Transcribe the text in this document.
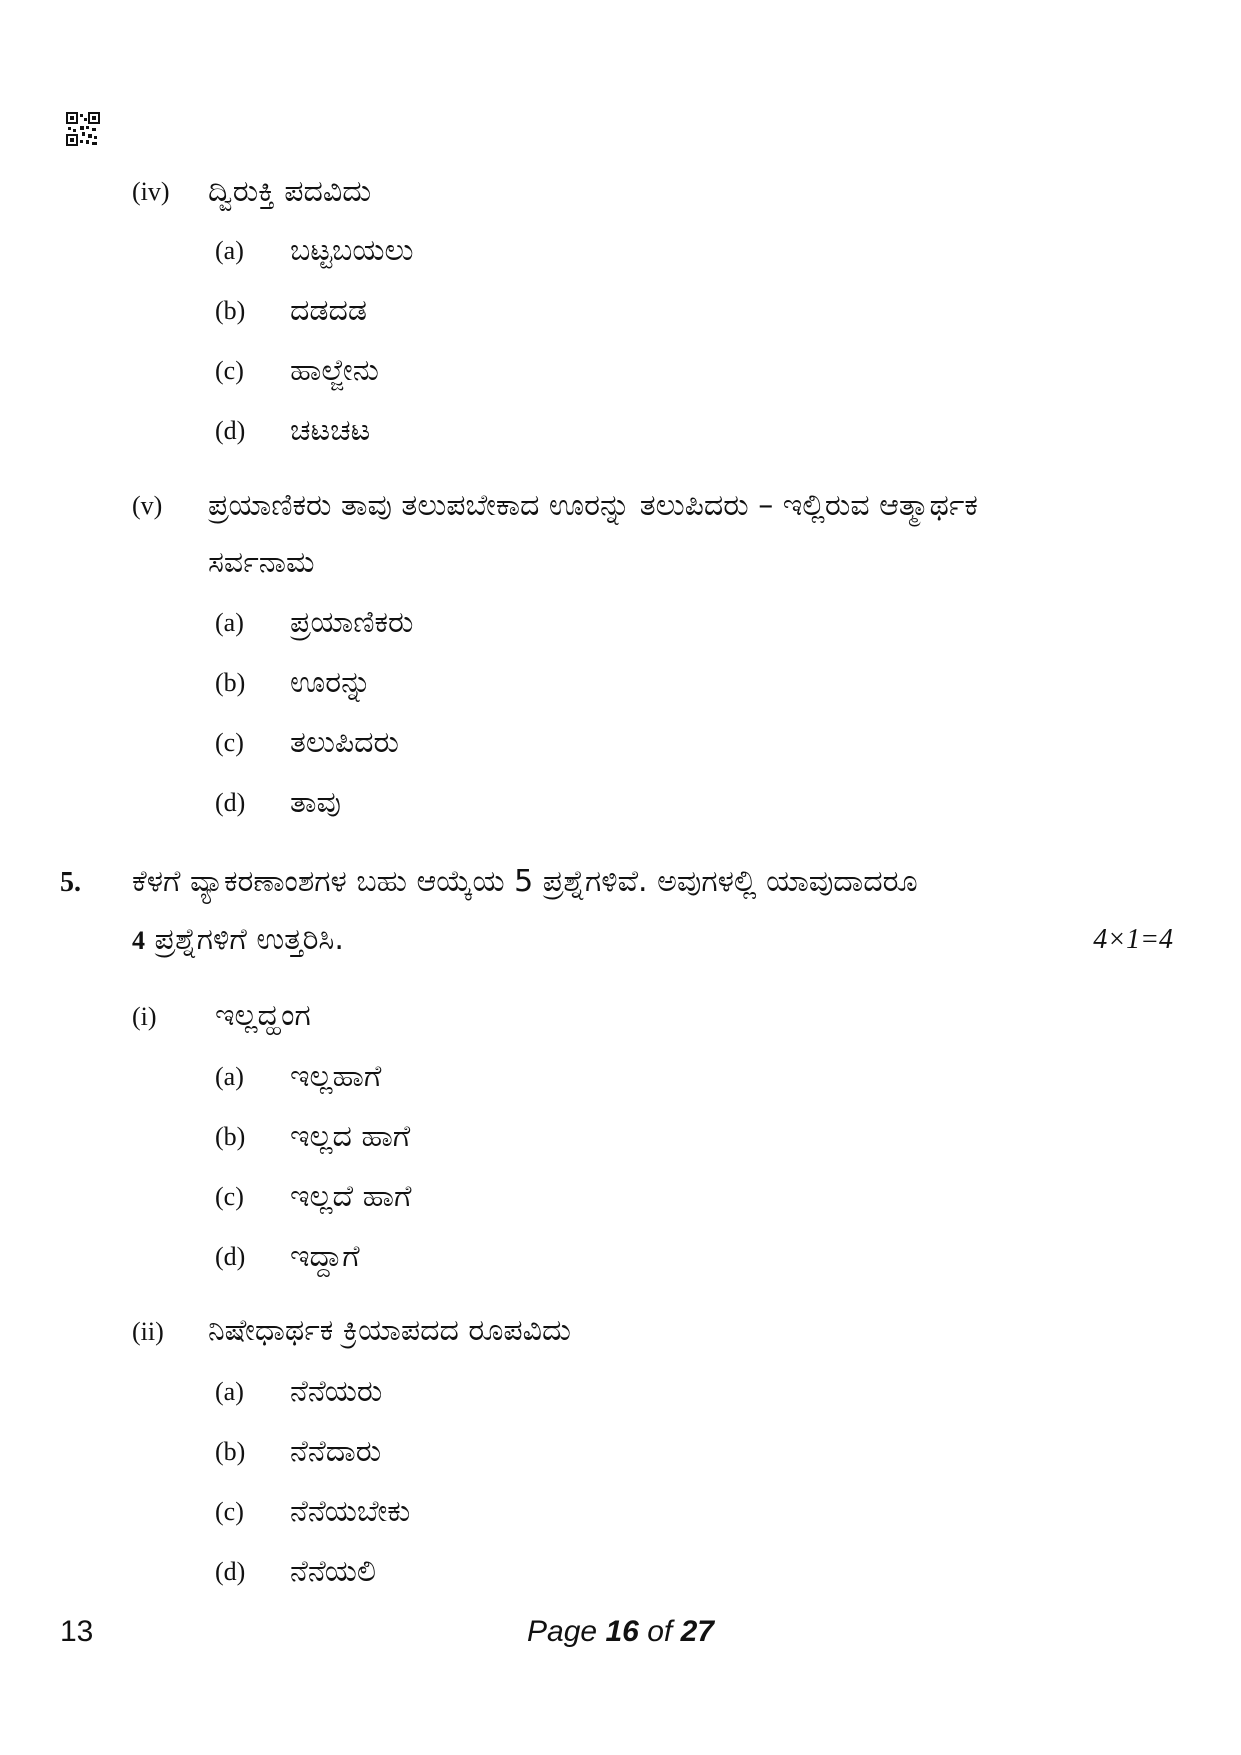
(iv) ದ್ವಿರುಕ್ತಿ ಪದವಿದು
(a) ಬಟ್ಟಬಯಲು
(b) ದಡದಡ
(c) ಹಾಲ್ಜೇನು
(d) ಚಟಚಟ
(v) ಪ್ರಯಾಣಿಕರು ತಾವು ತಲುಪಬೇಕಾದ ಊರನ್ನು ತಲುಪಿದರು – ಇಲ್ಲಿರುವ ಆತ್ಮಾರ್ಥಕ
ಸರ್ವನಾಮ
(a) ಪ್ರಯಾಣಿಕರು
(b) ಊರನ್ನು
(c) ತಲುಪಿದರು
(d) ತಾವು
5. ಕೆಳಗೆ ವ್ಯಾಕರಣಾಂಶಗಳ ಬಹು ಆಯ್ಕೆಯ 5 ಪ್ರಶ್ನೆಗಳಿವೆ. ಅವುಗಳಲ್ಲಿ ಯಾವುದಾದರೂ
4 ಪ್ರಶ್ನೆಗಳಿಗೆ ಉತ್ತರಿಸಿ.	4×1=4
(i) ಇಲ್ಲದ್ಹಂಗ
(a) ಇಲ್ಲಹಾಗೆ
(b) ಇಲ್ಲದ ಹಾಗೆ
(c) ಇಲ್ಲದೆ ಹಾಗೆ
(d) ಇದ್ದಾಗೆ
(ii) ನಿಷೇಧಾರ್ಥಕ ಕ್ರಿಯಾಪದದ ರೂಪವಿದು
(a) ನೆನೆಯರು
(b) ನೆನೆದಾರು
(c) ನೆನೆಯಬೇಕು
(d) ನೆನೆಯಲಿ
13	Page 16 of 27
